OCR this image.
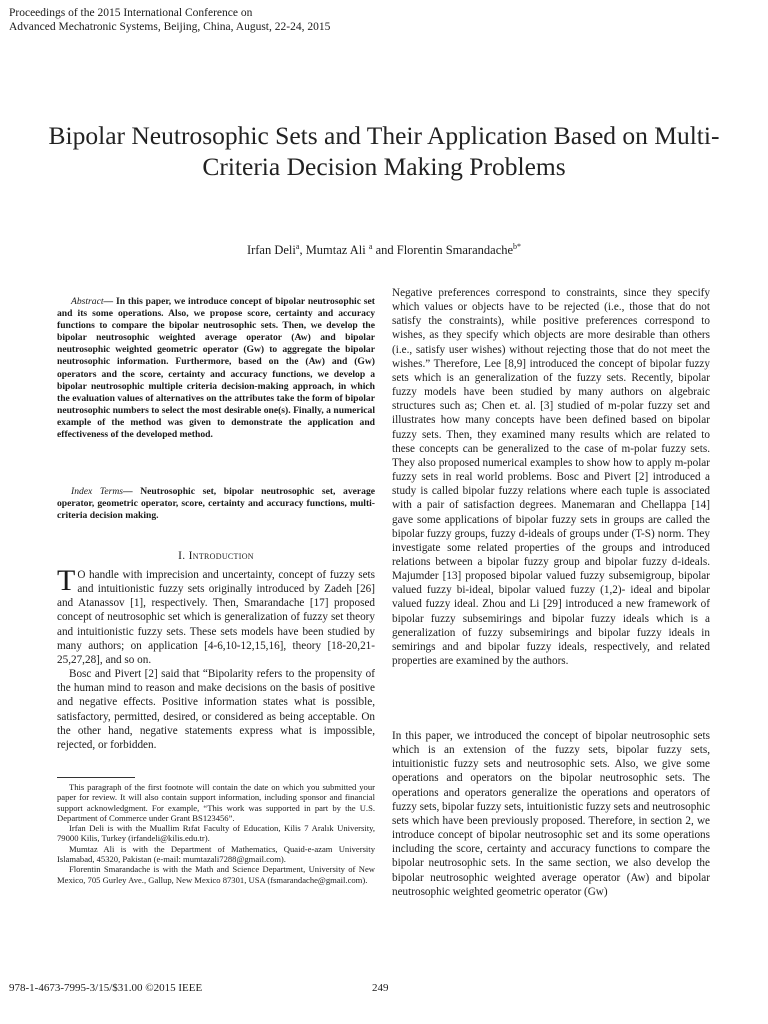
Proceedings of the 2015 International Conference on
Advanced Mechatronic Systems, Beijing, China, August, 22-24, 2015
Bipolar Neutrosophic Sets and Their Application Based on Multi-Criteria Decision Making Problems
Irfan Deli$^a$, Mumtaz Ali $^a$ and Florentin Smarandache$^{b*}$
Abstract— In this paper, we introduce concept of bipolar neutrosophic set and its some operations. Also, we propose score, certainty and accuracy functions to compare the bipolar neutrosophic sets. Then, we develop the bipolar neutrosophic weighted average operator (Aw) and bipolar neutrosophic weighted geometric operator (Gw) to aggregate the bipolar neutrosophic information. Furthermore, based on the (Aw) and (Gw) operators and the score, certainty and accuracy functions, we develop a bipolar neutrosophic multiple criteria decision-making approach, in which the evaluation values of alternatives on the attributes take the form of bipolar neutrosophic numbers to select the most desirable one(s). Finally, a numerical example of the method was given to demonstrate the application and effectiveness of the developed method.
Index Terms— Neutrosophic set, bipolar neutrosophic set, average operator, geometric operator, score, certainty and accuracy functions, multi-criteria decision making.
I. Introduction

T O handle with imprecision and uncertainty, concept of fuzzy sets and intuitionistic fuzzy sets originally introduced by Zadeh [26] and Atanassov [1], respectively. Then, Smarandache [17] proposed concept of neutrosophic set which is generalization of fuzzy set theory and intuitionistic fuzzy sets. These sets models have been studied by many authors; on application [4-6,10-12,15,16], theory [18-20,21-25,27,28], and so on.

Bosc and Pivert [2] said that “Bipolarity refers to the propensity of the human mind to reason and make decisions on the basis of positive and negative effects. Positive information states what is possible, satisfactory, permitted, desired, or considered as being acceptable. On the other hand, negative statements express what is impossible, rejected, or forbidden.

This paragraph of the first footnote will contain the date on which you submitted your paper for review. It will also contain support information, including sponsor and financial support acknowledgment. For example, “This work was supported in part by the U.S. Department of Commerce under Grant BS123456”.

Irfan Deli is with the Muallim Rıfat Faculty of Education, Kilis 7 Aralık University, 79000 Kilis, Turkey (irfandeli@kilis.edu.tr).

Mumtaz Ali is with the Department of Mathematics, Quaid-e-azam University Islamabad, 45320, Pakistan (e-mail: mumtazali7288@gmail.com).

Florentin Smarandache is with the Math and Science Department, University of New Mexico, 705 Gurley Ave., Gallup, New Mexico 87301, USA (fsmarandache@gmail.com).

Negative preferences correspond to constraints, since they specify which values or objects have to be rejected (i.e., those that do not satisfy the constraints), while positive preferences correspond to wishes, as they specify which objects are more desirable than others (i.e., satisfy user wishes) without rejecting those that do not meet the wishes.” Therefore, Lee [8,9] introduced the concept of bipolar fuzzy sets which is an generalization of the fuzzy sets. Recently, bipolar fuzzy models have been studied by many authors on algebraic structures such as; Chen et. al. [3] studied of m-polar fuzzy set and illustrates how many concepts have been defined based on bipolar fuzzy sets. Then, they examined many results which are related to these concepts can be generalized to the case of m-polar fuzzy sets. They also proposed numerical examples to show how to apply m-polar fuzzy sets in real world problems. Bosc and Pivert [2] introduced a study is called bipolar fuzzy relations where each tuple is associated with a pair of satisfaction degrees. Manemaran and Chellappa [14] gave some applications of bipolar fuzzy sets in groups are called the bipolar fuzzy groups, fuzzy d-ideals of groups under (T-S) norm. They investigate some related properties of the groups and introduced relations between a bipolar fuzzy group and bipolar fuzzy d-ideals. Majumder [13] proposed bipolar valued fuzzy subsemigroup, bipolar valued fuzzy bi-ideal, bipolar valued fuzzy (1,2)- ideal and bipolar valued fuzzy ideal. Zhou and Li [29] introduced a new framework of bipolar fuzzy subsemirings and bipolar fuzzy ideals which is a generalization of fuzzy subsemirings and bipolar fuzzy ideals in semirings and and bipolar fuzzy ideals, respectively, and related properties are examined by the authors.

In this paper, we introduced the concept of bipolar neutrosophic sets which is an extension of the fuzzy sets, bipolar fuzzy sets, intuitionistic fuzzy sets and neutrosophic sets. Also, we give some operations and operators on the bipolar neutrosophic sets. The operations and operators generalize the operations and operators of fuzzy sets, bipolar fuzzy sets, intuitionistic fuzzy sets and neutrosophic sets which have been previously proposed. Therefore, in section 2, we introduce concept of bipolar neutrosophic set and its some operations including the score, certainty and accuracy functions to compare the bipolar neutrosophic sets. In the same section, we also develop the bipolar neutrosophic weighted average operator (Aw) and bipolar neutrosophic weighted geometric operator (Gw)

978-1-4673-7995-3/15/$31.00 ©2015 IEEE	249
